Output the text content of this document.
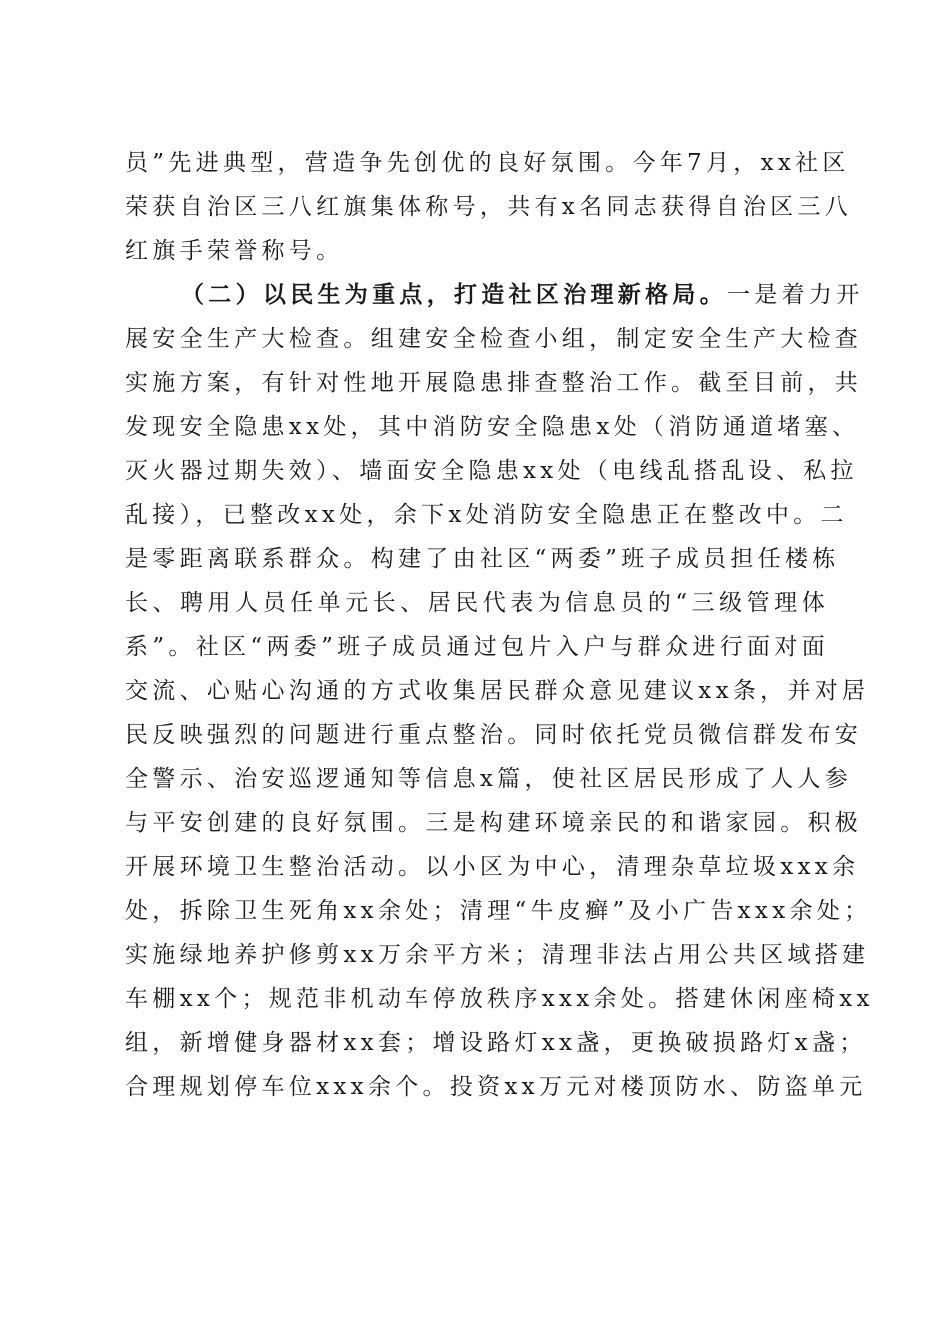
员”先进典型，营造争先创优的良好氛围。今年7月，xx社区
荣获自治区三八红旗集体称号，共有x名同志获得自治区三八
红旗手荣誉称号。
（二）以民生为重点，打造社区治理新格局。一是着力开
展安全生产大检查。组建安全检查小组，制定安全生产大检查
实施方案，有针对性地开展隐患排查整治工作。截至目前，共
发现安全隐患xx处，其中消防安全隐患x处（消防通道堵塞、
灭火器过期失效）、墙面安全隐患xx处（电线乱搭乱设、私拉
乱接），已整改xx处，余下x处消防安全隐患正在整改中。二
是零距离联系群众。构建了由社区“两委”班子成员担任楼栋
长、聘用人员任单元长、居民代表为信息员的“三级管理体
系”。社区“两委”班子成员通过包片入户与群众进行面对面
交流、心贴心沟通的方式收集居民群众意见建议xx条，并对居
民反映强烈的问题进行重点整治。同时依托党员微信群发布安
全警示、治安巡逻通知等信息x篇，使社区居民形成了人人参
与平安创建的良好氛围。三是构建环境亲民的和谐家园。积极
开展环境卫生整治活动。以小区为中心，清理杂草垃圾xxx余
处，拆除卫生死角xx余处；清理“牛皮癣”及小广告xxx余处；
实施绿地养护修剪xx万余平方米；清理非法占用公共区域搭建
车棚xx个；规范非机动车停放秩序xxx余处。搭建休闲座椅xx
组，新增健身器材xx套；增设路灯xx盏，更换破损路灯x盏；
合理规划停车位xxx余个。投资xx万元对楼顶防水、防盗单元
